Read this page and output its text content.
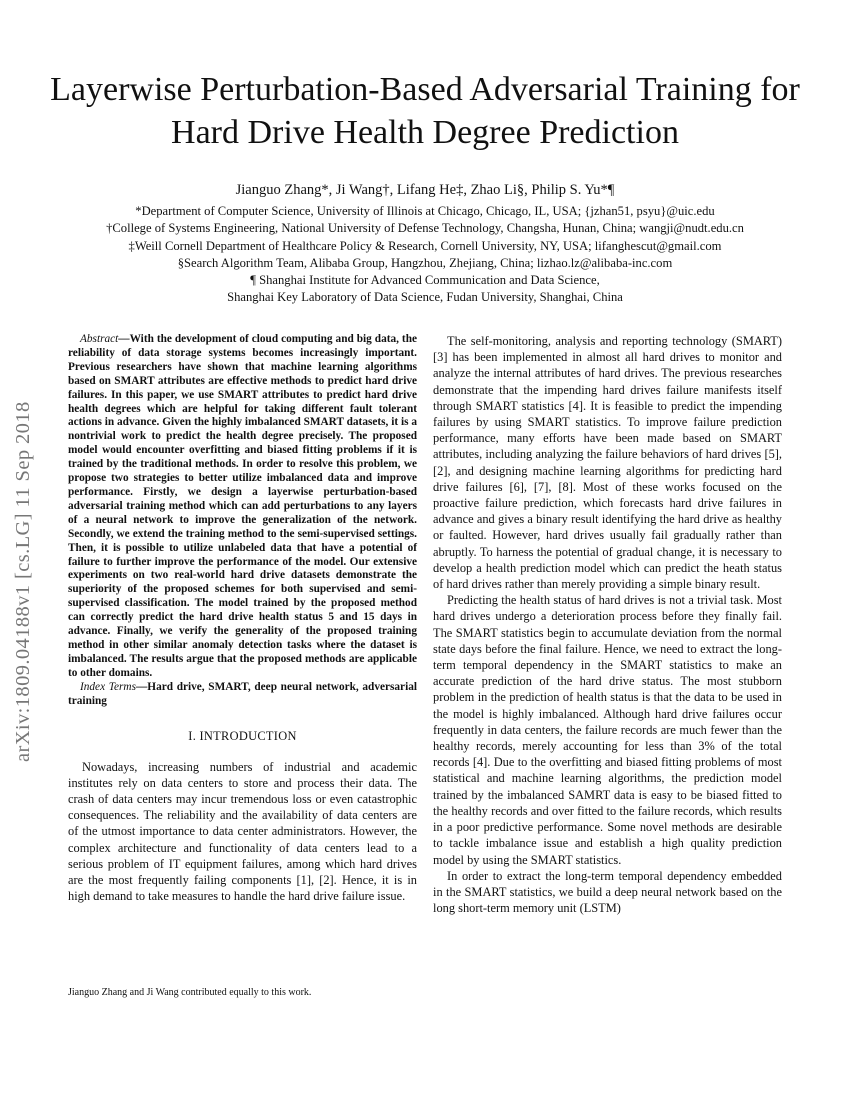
Layerwise Perturbation-Based Adversarial Training for Hard Drive Health Degree Prediction
Jianguo Zhang*, Ji Wang†, Lifang He‡, Zhao Li§, Philip S. Yu*¶
*Department of Computer Science, University of Illinois at Chicago, Chicago, IL, USA; {jzhan51, psyu}@uic.edu
†College of Systems Engineering, National University of Defense Technology, Changsha, Hunan, China; wangji@nudt.edu.cn
‡Weill Cornell Department of Healthcare Policy & Research, Cornell University, NY, USA; lifanghescut@gmail.com
§Search Algorithm Team, Alibaba Group, Hangzhou, Zhejiang, China; lizhao.lz@alibaba-inc.com
¶ Shanghai Institute for Advanced Communication and Data Science,
Shanghai Key Laboratory of Data Science, Fudan University, Shanghai, China
arXiv:1809.04188v1 [cs.LG] 11 Sep 2018

Abstract—With the development of cloud computing and big data, the reliability of data storage systems becomes increasingly important. Previous researchers have shown that machine learning algorithms based on SMART attributes are effective methods to predict hard drive failures. In this paper, we use SMART attributes to predict hard drive health degrees which are helpful for taking different fault tolerant actions in advance. Given the highly imbalanced SMART datasets, it is a nontrivial work to predict the health degree precisely. The proposed model would encounter overfitting and biased fitting problems if it is trained by the traditional methods. In order to resolve this problem, we propose two strategies to better utilize imbalanced data and improve performance. Firstly, we design a layerwise perturbation-based adversarial training method which can add perturbations to any layers of a neural network to improve the generalization of the network. Secondly, we extend the training method to the semi-supervised settings. Then, it is possible to utilize unlabeled data that have a potential of failure to further improve the performance of the model. Our extensive experiments on two real-world hard drive datasets demonstrate the superiority of the proposed schemes for both supervised and semi-supervised classification. The model trained by the proposed method can correctly predict the hard drive health status 5 and 15 days in advance. Finally, we verify the generality of the proposed training method in other similar anomaly detection tasks where the dataset is imbalanced. The results argue that the proposed methods are applicable to other domains.

Index Terms—Hard drive, SMART, deep neural network, adversarial training

I. INTRODUCTION

Nowadays, increasing numbers of industrial and academic institutes rely on data centers to store and process their data. The crash of data centers may incur tremendous loss or even catastrophic consequences. The reliability and the availability of data centers are of the utmost importance to data center administrators. However, the complex architecture and functionality of data centers lead to a serious problem of IT equipment failures, among which hard drives are the most frequently failing components [1], [2]. Hence, it is in high demand to take measures to handle the hard drive failure issue.

Jianguo Zhang and Ji Wang contributed equally to this work.

The self-monitoring, analysis and reporting technology (SMART) [3] has been implemented in almost all hard drives to monitor and analyze the internal attributes of hard drives. The previous researches demonstrate that the impending hard drives failure manifests itself through SMART statistics [4]. It is feasible to predict the impending failures by using SMART statistics. To improve failure prediction performance, many efforts have been made based on SMART attributes, including analyzing the failure behaviors of hard drives [5], [2], and designing machine learning algorithms for predicting hard drive failures [6], [7], [8]. Most of these works focused on the proactive failure prediction, which forecasts hard drive failures in advance and gives a binary result identifying the hard drive as healthy or faulted. However, hard drives usually fail gradually rather than abruptly. To harness the potential of gradual change, it is necessary to develop a health prediction model which can predict the heath status of hard drives rather than merely providing a simple binary result.

Predicting the health status of hard drives is not a trivial task. Most hard drives undergo a deterioration process before they finally fail. The SMART statistics begin to accumulate deviation from the normal state days before the final failure. Hence, we need to extract the long-term temporal dependency in the SMART statistics to make an accurate prediction of the hard drive status. The most stubborn problem in the prediction of health status is that the data to be used in the model is highly imbalanced. Although hard drive failures occur frequently in data centers, the failure records are much fewer than the healthy records, merely accounting for less than 3% of the total records [4]. Due to the overfitting and biased fitting problems of most statistical and machine learning algorithms, the prediction model trained by the imbalanced SAMRT data is easy to be biased fitted to the healthy records and over fitted to the failure records, which results in a poor predictive performance. Some novel methods are desirable to tackle imbalance issue and establish a high quality prediction model by using the SMART statistics.

In order to extract the long-term temporal dependency embedded in the SMART statistics, we build a deep neural network based on the long short-term memory unit (LSTM)
